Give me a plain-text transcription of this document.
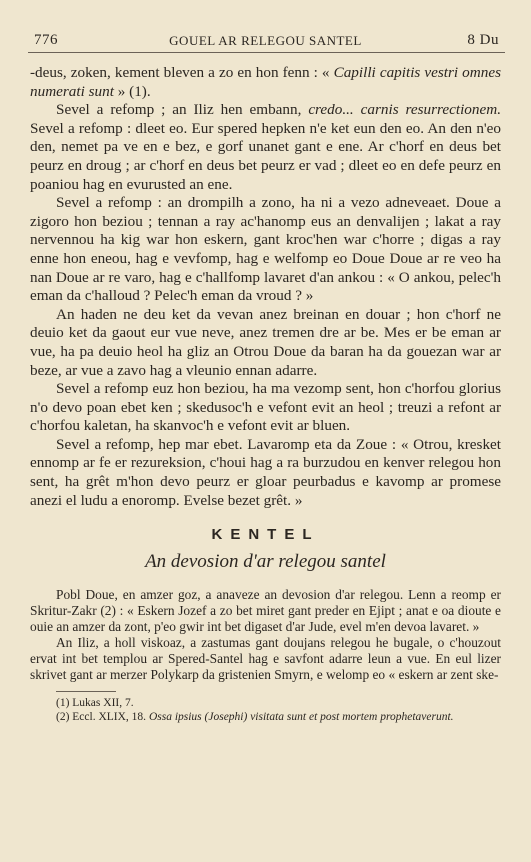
776	GOUEL AR RELEGOU SANTEL	8 Du

-deus, zoken, kement bleven a zo en hon fenn : « Capilli capitis vestri omnes numerati sunt » (1).

Sevel a refomp ; an Iliz hen embann, credo... carnis resurrectionem. Sevel a refomp : dleet eo. Eur spered hepken n'e ket eun den eo. An den n'eo den, nemet pa ve en e bez, e gorf unanet gant e ene. Ar c'horf en deus bet peurz en droug ; ar c'horf en deus bet peurz er vad ; dleet eo en defe peurz en poaniou hag en evurusted an ene.

Sevel a refomp : an drompilh a zono, ha ni a vezo adneveaet. Doue a zigoro hon beziou ; tennan a ray ac'hanomp eus an denvalijen ; lakat a ray nervennou ha kig war hon eskern, gant kroc'hen war c'horre ; digas a ray enne hon eneou, hag e vevfomp, hag e welfomp eo Doue Doue ar re veo ha nan Doue ar re varo, hag e c'hallfomp lavaret d'an ankou : « O ankou, pelec'h eman da c'halloud ? Pelec'h eman da vroud ? »

An haden ne deu ket da vevan anez breinan en douar ; hon c'horf ne deuio ket da gaout eur vue neve, anez tremen dre ar be. Mes er be eman ar vue, ha pa deuio heol ha gliz an Otrou Doue da baran ha da gouezan war ar beze, ar vue a zavo hag a vleunio ennan adarre.

Sevel a refomp euz hon beziou, ha ma vezomp sent, hon c'horfou glorius n'o devo poan ebet ken ; skedusoc'h e vefont evit an heol ; treuzi a refont ar c'horfou kaletan, ha skanvoc'h e vefont evit ar bluen.

Sevel a refomp, hep mar ebet. Lavaromp eta da Zoue : « Otrou, kresket ennomp ar fe er rezureksion, c'houi hag a ra burzudou en kenver relegou hon sent, ha grêt m'hon devo peurz er gloar peurbadus e kavomp ar promese anezi el ludu a enoromp. Evelse bezet grêt. »

KENTEL
An devosion d'ar relegou santel

Pobl Doue, en amzer goz, a anaveze an devosion d'ar relegou. Lenn a reomp er Skritur-Zakr (2) : « Eskern Jozef a zo bet miret gant preder en Ejipt ; anat e oa dioute e ouie an amzer da zont, p'eo gwir int bet digaset d'ar Jude, evel m'en devoa lavaret. »

An Iliz, a holl viskoaz, a zastumas gant doujans relegou he bugale, o c'houzout ervat int bet templou ar Spered-Santel hag e savfont adarre leun a vue. En eul lizer skrivet gant ar merzer Polykarp da gristenien Smyrn, e welomp eo « eskern ar zent ske-

(1) Lukas XII, 7.

(2) Eccl. XLIX, 18. Ossa ipsius (Josephi) visitata sunt et post mortem prophetaverunt.
